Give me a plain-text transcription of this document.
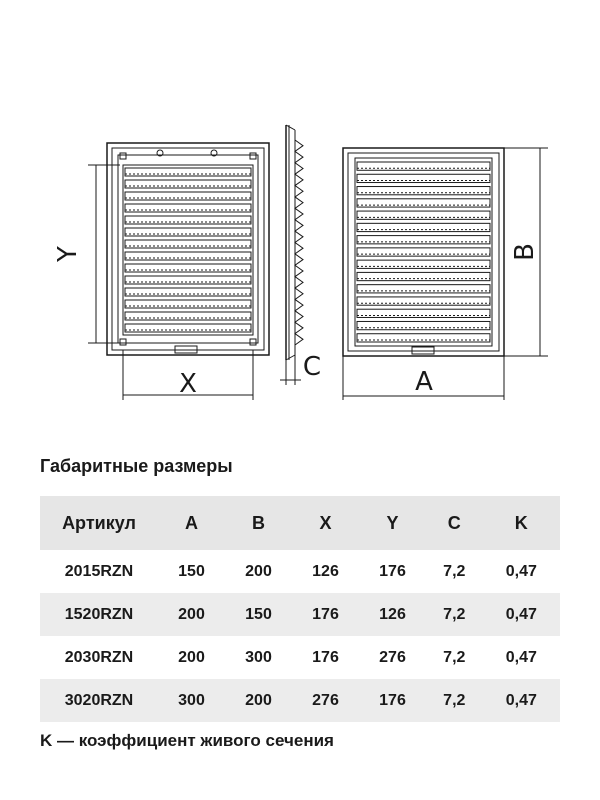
Y
X
C
B
A
Габаритные размеры
Артикул	A	B	X	Y	C	K
2015RZN	150	200	126	176	7,2	0,47
1520RZN	200	150	176	126	7,2	0,47
2030RZN	200	300	176	276	7,2	0,47
3020RZN	300	200	276	176	7,2	0,47
K — коэффициент живого сечения
